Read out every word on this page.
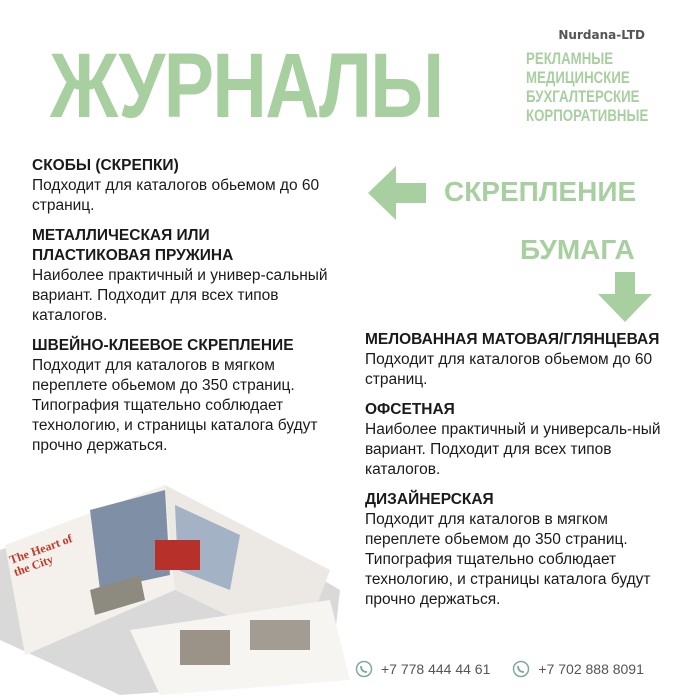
Nurdana-LTD
ЖУРНАЛЫ	РЕКЛАМНЫЕ
МЕДИЦИНСКИЕ
БУХГАЛТЕРСКИЕ
КОРПОРАТИВНЫЕ
СКОБЫ (СКРЕПКИ)

Подходит для каталогов обьемом до 60 страниц.

МЕТАЛЛИЧЕСКАЯ ИЛИ ПЛАСТИКОВАЯ ПРУЖИНА

Наиболее практичный и универ-сальный вариант. Подходит для всех типов каталогов.

ШВЕЙНО-КЛЕЕВОЕ СКРЕПЛЕНИЕ

Подходит для каталогов в мягком переплете обьемом до 350 страниц. Типография тщательно соблюдает технологию, и страницы каталога будут прочно держаться.

СКРЕПЛЕНИЕ
БУМАГА
МЕЛОВАННАЯ МАТОВАЯ/ГЛЯНЦЕВАЯ

Подходит для каталогов обьемом до 60 страниц.

ОФСЕТНАЯ

Наиболее практичный и универсаль-ный вариант. Подходит для всех типов каталогов.

ДИЗАЙНЕРСКАЯ

Подходит для каталогов в мягком переплете обьемом до 350 страниц. Типография тщательно соблюдает технологию, и страницы каталога будут прочно держаться.

The Heart of the City
+7 778 444 44 61	+7 702 888 8091
